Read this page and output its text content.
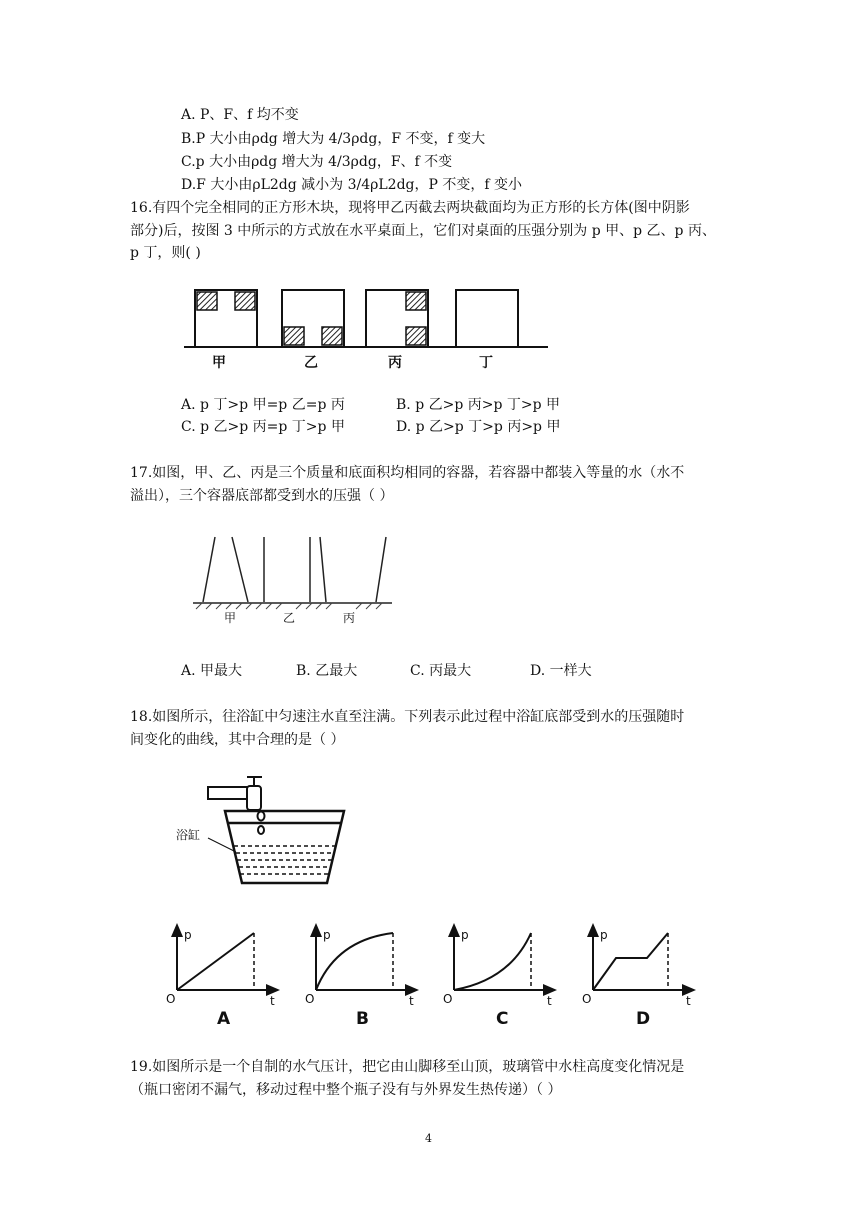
A. P、F、f 均不变
B.P 大小由ρdg 增大为 4/3ρdg，F 不变，f 变大
C.p 大小由ρdg 增大为 4/3ρdg，F、f 不变
D.F 大小由ρL2dg 减小为 3/4ρL2dg，P 不变，f 变小
16.有四个完全相同的正方形木块，现将甲乙丙截去两块截面均为正方形的长方体(图中阴影
部分)后，按图 3 中所示的方式放在水平桌面上，它们对桌面的压强分别为 p 甲、p 乙、p 丙、
p 丁，则( )
甲	乙	丙	丁
A. p 丁>p 甲=p 乙=p 丙	B. p 乙>p 丙>p 丁>p 甲
C. p 乙>p 丙=p 丁>p 甲	D. p 乙>p 丁>p 丙>p 甲
17.如图，甲、乙、丙是三个质量和底面积均相同的容器，若容器中都装入等量的水（水不
溢出），三个容器底部都受到水的压强（ ）
甲	乙	丙
A. 甲最大	B. 乙最大	C. 丙最大	D. 一样大
18.如图所示，往浴缸中匀速注水直至注满。下列表示此过程中浴缸底部受到水的压强随时
间变化的曲线，其中合理的是（ ）
浴缸
p
t
O
p
t
O
p
t
O
p
t
O
A	B	C	D
19.如图所示是一个自制的水气压计，把它由山脚移至山顶，玻璃管中水柱高度变化情况是
（瓶口密闭不漏气，移动过程中整个瓶子没有与外界发生热传递）（ ）
4
